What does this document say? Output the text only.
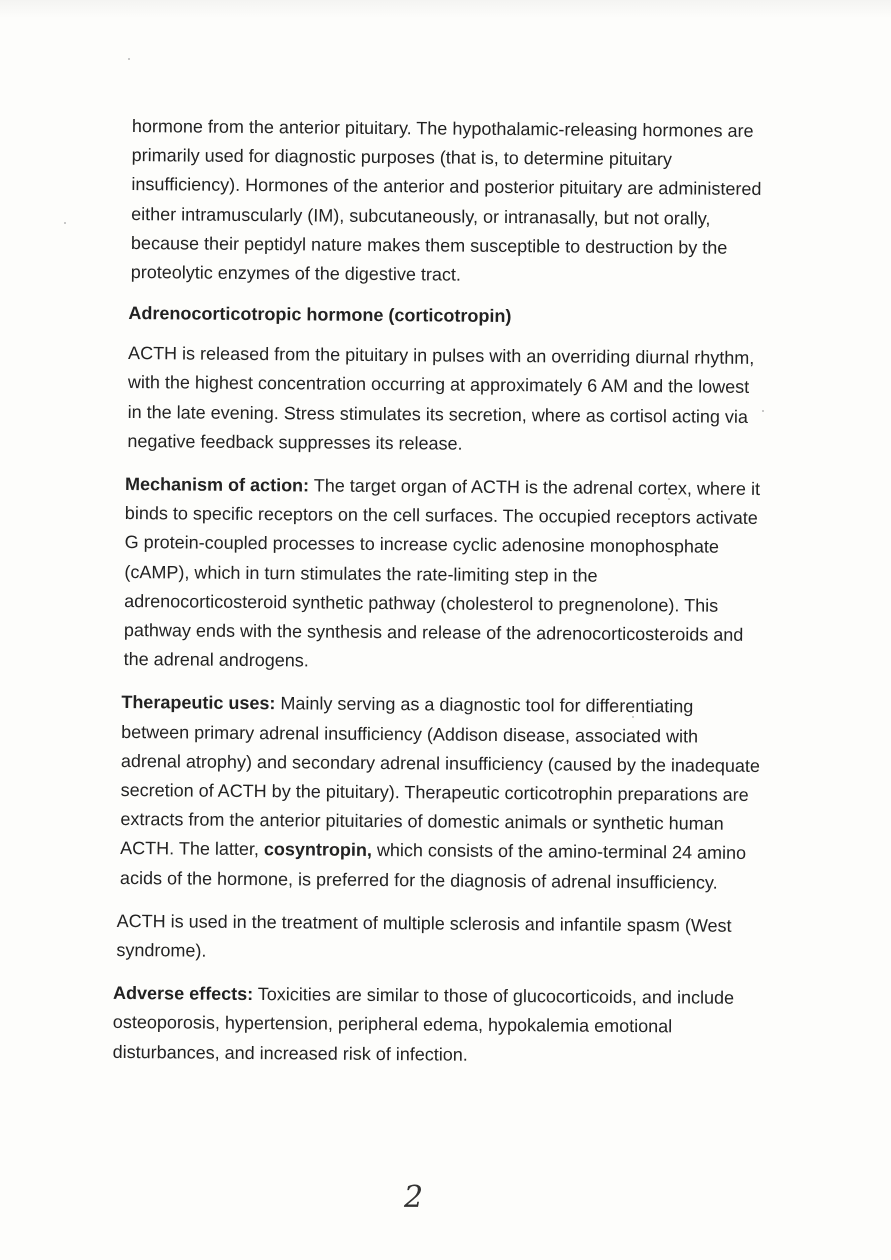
hormone from the anterior pituitary. The hypothalamic-releasing hormones are primarily used for diagnostic purposes (that is, to determine pituitary insufficiency). Hormones of the anterior and posterior pituitary are administered either intramuscularly (IM), subcutaneously, or intranasally, but not orally, because their peptidyl nature makes them susceptible to destruction by the proteolytic enzymes of the digestive tract.

Adrenocorticotropic hormone (corticotropin)

ACTH is released from the pituitary in pulses with an overriding diurnal rhythm, with the highest concentration occurring at approximately 6 AM and the lowest in the late evening. Stress stimulates its secretion, where as cortisol acting via negative feedback suppresses its release.

Mechanism of action: The target organ of ACTH is the adrenal cortex, where it binds to specific receptors on the cell surfaces. The occupied receptors activate G protein-coupled processes to increase cyclic adenosine monophosphate (cAMP), which in turn stimulates the rate-limiting step in the adrenocorticosteroid synthetic pathway (cholesterol to pregnenolone). This pathway ends with the synthesis and release of the adrenocorticosteroids and the adrenal androgens.

Therapeutic uses: Mainly serving as a diagnostic tool for differentiating between primary adrenal insufficiency (Addison disease, associated with adrenal atrophy) and secondary adrenal insufficiency (caused by the inadequate secretion of ACTH by the pituitary). Therapeutic corticotrophin preparations are extracts from the anterior pituitaries of domestic animals or synthetic human ACTH. The latter, cosyntropin, which consists of the amino-terminal 24 amino acids of the hormone, is preferred for the diagnosis of adrenal insufficiency.

ACTH is used in the treatment of multiple sclerosis and infantile spasm (West syndrome).

Adverse effects: Toxicities are similar to those of glucocorticoids, and include osteoporosis, hypertension, peripheral edema, hypokalemia emotional disturbances, and increased risk of infection.

2
